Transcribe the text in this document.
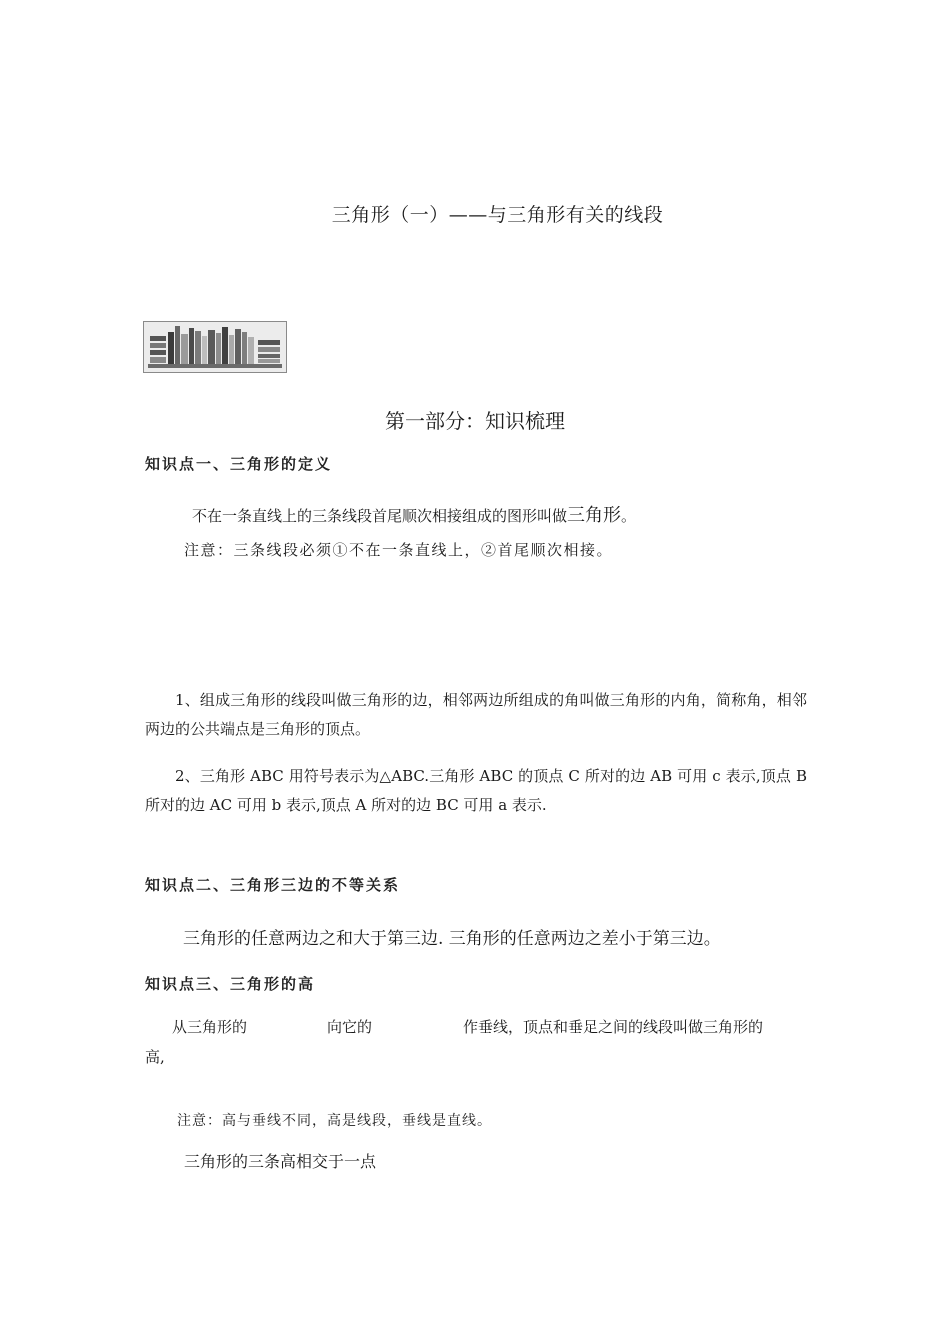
三角形（一）——与三角形有关的线段
第一部分：知识梳理
知识点一、三角形的定义
不在一条直线上的三条线段首尾顺次相接组成的图形叫做三角形。
注意：三条线段必须①不在一条直线上，②首尾顺次相接。
1、组成三角形的线段叫做三角形的边，相邻两边所组成的角叫做三角形的内角，简称角，相邻两边的公共端点是三角形的顶点。
2、三角形 ABC 用符号表示为△ABC.三角形 ABC 的顶点 C 所对的边 AB 可用 c 表示,顶点 B 所对的边 AC 可用 b 表示,顶点 A 所对的边 BC 可用 a 表示.
知识点二、三角形三边的不等关系
三角形的任意两边之和大于第三边. 三角形的任意两边之差小于第三边。
知识点三、三角形的高
从三角形的	向它的	作垂线，顶点和垂足之间的线段叫做三角形的
高,
注意：高与垂线不同，高是线段，垂线是直线。
三角形的三条高相交于一点
